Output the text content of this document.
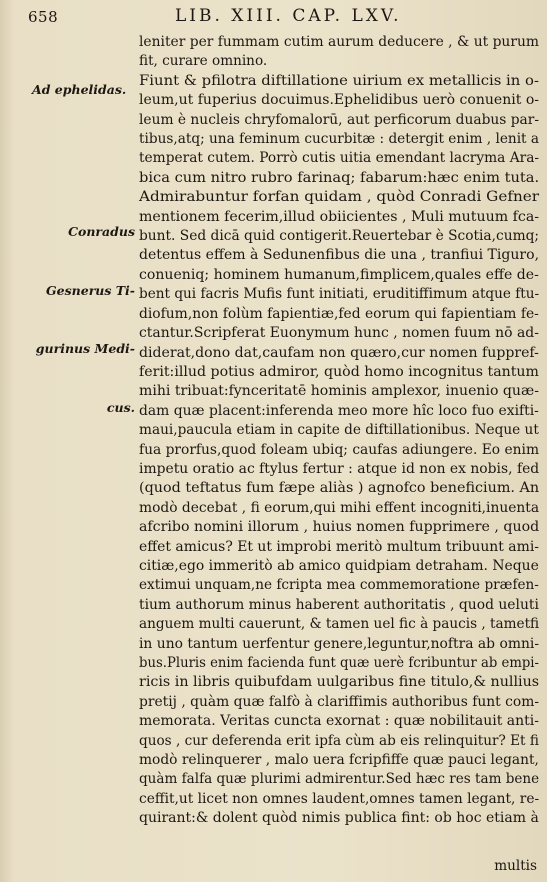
658	LIB. XIII. CAP. LXV.
Ad ephelidas.

Conradus

Gesnerus Ti-

gurinus Medi-

cus.

leniter per fummam cutim aurum deducere , & ut purum
fit, curare omnino.
Fiunt & pfilotra diftillatione uirium ex metallicis in o-
leum,ut fuperius docuimus.Ephelidibus uerò conuenit o-
leum è nucleis chryfomalorū, aut perficorum duabus par-
tibus,atq; una feminum cucurbitæ : detergit enim , lenit a
temperat cutem. Porrò cutis uitia emendant lacryma Ara-
bica cum nitro rubro farinaq; fabarum:hæc enim tuta.
Admirabuntur forfan quidam , quòd Conradi Gefner
mentionem fecerim,illud obiicientes , Muli mutuum fca-
bunt. Sed dicā quid contigerit.Reuertebar è Scotia,cumq;
detentus effem à Sedunenfibus die una , tranfiui Tiguro,
conueniq; hominem humanum,fimplicem,quales effe de-
bent qui facris Mufis funt initiati, eruditiffimum atque ftu-
diofum,non folùm fapientiæ,fed eorum qui fapientiam fe-
ctantur.Scripferat Euonymum hunc , nomen fuum nō ad-
diderat,dono dat,caufam non quæro,cur nomen fuppref-
ferit:illud potius admiror, quòd homo incognitus tantum
mihi tribuat:fynceritatē hominis amplexor, inuenio quæ-
dam quæ placent:inferenda meo more hîc loco fuo exifti-
maui,paucula etiam in capite de diftillationibus. Neque ut
fua prorfus,quod foleam ubiq; caufas adiungere. Eo enim
impetu oratio ac ftylus fertur : atque id non ex nobis, fed
(quod teftatus fum fæpe aliàs ) agnofco beneficium. An
modò decebat , fi eorum,qui mihi effent incogniti,inuenta
afcribo nomini illorum , huius nomen fupprimere , quod
effet amicus? Et ut improbi meritò multum tribuunt ami-
citiæ,ego immeritò ab amico quidpiam detraham. Neque
extimui unquam,ne fcripta mea commemoratione præfen-
tium authorum minus haberent authoritatis , quod ueluti
anguem multi cauerunt, & tamen uel fic à paucis , tametfi
in uno tantum uerfentur genere,leguntur,noftra ab omni-
bus.Pluris enim facienda funt quæ uerè fcribuntur ab empi-
ricis in libris quibufdam uulgaribus fine titulo,& nullius
pretij , quàm quæ falfò à clariffimis authoribus funt com-
memorata. Veritas cuncta exornat : quæ nobilitauit anti-
quos , cur deferenda erit ipfa cùm ab eis relinquitur? Et fi
modò relinquerer , malo uera fcripfiffe quæ pauci legant,
quàm falfa quæ plurimi admirentur.Sed hæc res tam bene
ceffit,ut licet non omnes laudent,omnes tamen legant, re-
quirant:& dolent quòd nimis publica fint: ob hoc etiam à
multis
